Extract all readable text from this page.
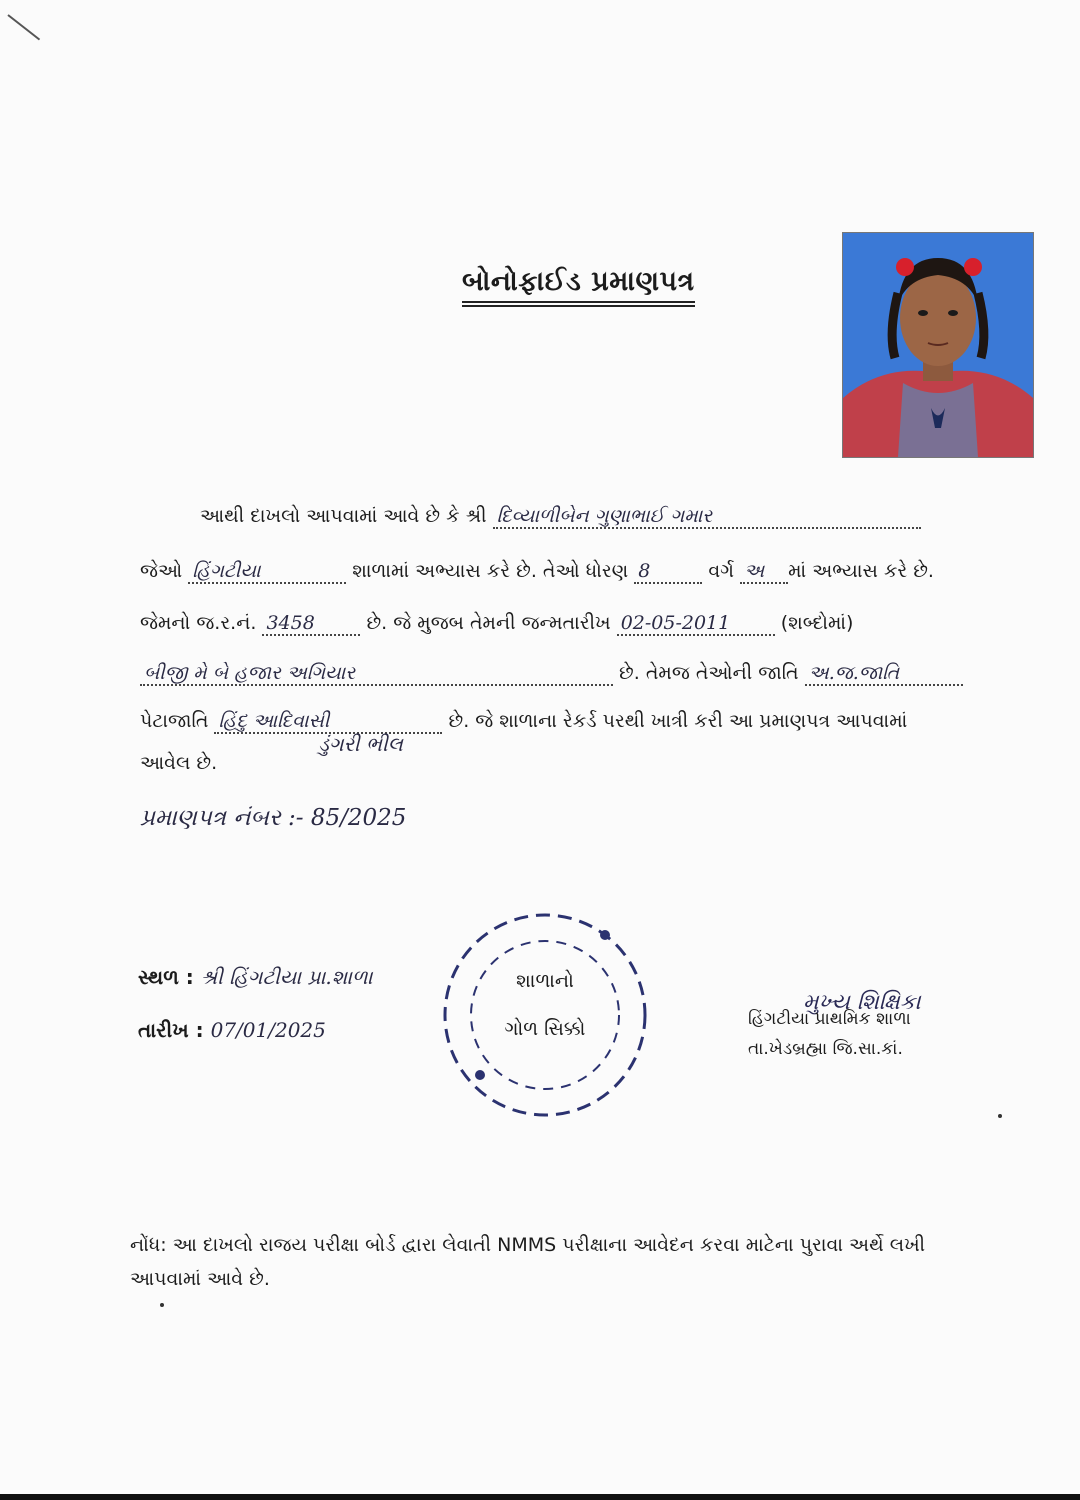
બોનોફાઈડ પ્રમાણપત્ર
આથી દાખલો આપવામાં આવે છે કે શ્રી દિવ્યાળીબેન ગુણાભાઈ ગમાર
જેઓ હિંગટીયા	શાળામાં અભ્યાસ કરે છે. તેઓ ધોરણ 8	વર્ગ અ માં અભ્યાસ કરે છે.
જેમનો જ.ર.નં. 3458	છે. જે મુજબ તેમની જન્મતારીખ 02-05-2011	(શબ્દોમાં)
બીજી મે બે હજાર અગિયાર	છે. તેમજ તેઓની જાતિ અ.જ.જાતિ
પેટાજાતિ હિંદુ આદિવાસી	છે. જે શાળાના રેકર્ડ પરથી ખાત્રી કરી આ પ્રમાણપત્ર આપવામાં
ડુંગરી ભીલ
આવેલ છે.
પ્રમાણપત્ર નંબર :- 85/2025
સ્થળ : શ્રી હિંગટીયા પ્રા.શાળા
તારીખ : 07/01/2025
શાળાનો
ગોળ સિક્કો
મુખ્ય શિક્ષિકા
હિંગટીયા પ્રાથમિક શાળા
તા.ખેડબ્રહ્મા જિ.સા.કાં.
નોંધ: આ દાખલો રાજય પરીક્ષા બોર્ડ દ્વારા લેવાતી NMMS પરીક્ષાના આવેદન કરવા માટેના પુરાવા અર્થે લખી આપવામાં આવે છે.
